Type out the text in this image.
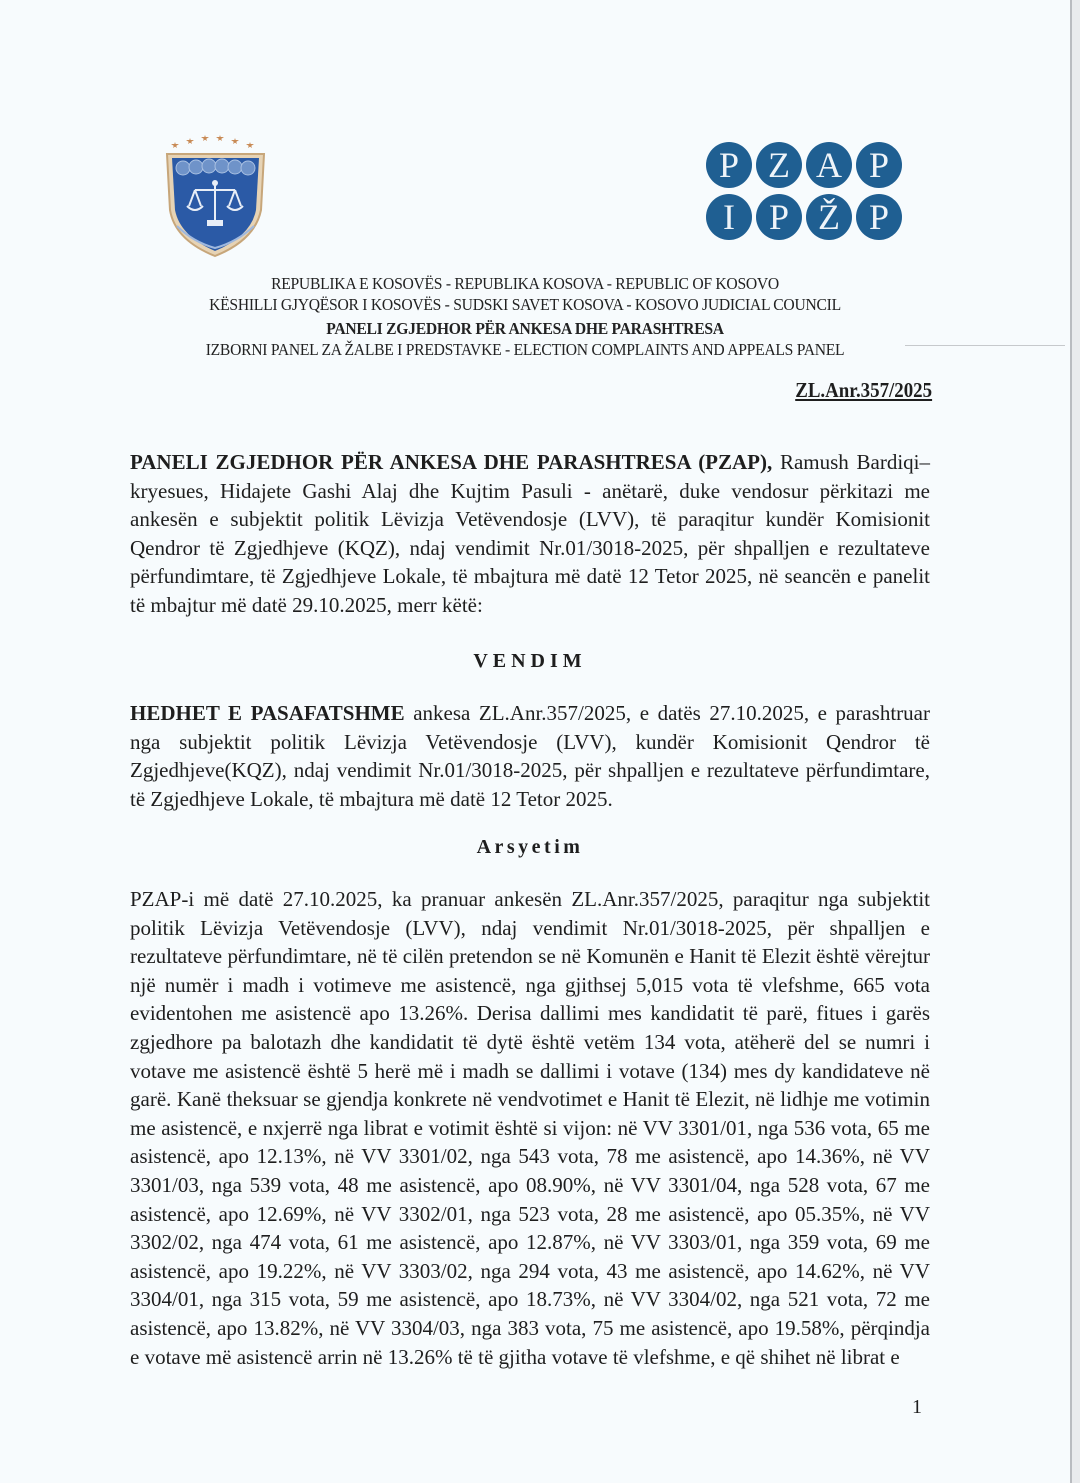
P Z A P
I P Ž P
REPUBLIKA E KOSOVËS - REPUBLIKA KOSOVA - REPUBLIC OF KOSOVO
KËSHILLI GJYQËSOR I KOSOVËS - SUDSKI SAVET KOSOVA - KOSOVO JUDICIAL COUNCIL
PANELI ZGJEDHOR PËR ANKESA DHE PARASHTRESA
IZBORNI PANEL ZA ŽALBE I PREDSTAVKE - ELECTION COMPLAINTS AND APPEALS PANEL
ZL.Anr.357/2025
PANELI ZGJEDHOR PËR ANKESA DHE PARASHTRESA (PZAP), Ramush Bardiqi–kryesues, Hidajete Gashi Alaj dhe Kujtim Pasuli - anëtarë, duke vendosur përkitazi me ankesën e subjektit politik Lëvizja Vetëvendosje (LVV), të paraqitur kundër Komisionit Qendror të Zgjedhjeve (KQZ), ndaj vendimit Nr.01/3018-2025, për shpalljen e rezultateve përfundimtare, të Zgjedhjeve Lokale, të mbajtura më datë 12 Tetor 2025, në seancën e panelit të mbajtur më datë 29.10.2025, merr këtë:
VENDIM
HEDHET E PASAFATSHME ankesa ZL.Anr.357/2025, e datës 27.10.2025, e parashtruar nga subjektit politik Lëvizja Vetëvendosje (LVV), kundër Komisionit Qendror të Zgjedhjeve(KQZ), ndaj vendimit Nr.01/3018-2025, për shpalljen e rezultateve përfundimtare, të Zgjedhjeve Lokale, të mbajtura më datë 12 Tetor 2025.
Arsyetim
PZAP-i më datë 27.10.2025, ka pranuar ankesën ZL.Anr.357/2025, paraqitur nga subjektit politik Lëvizja Vetëvendosje (LVV), ndaj vendimit Nr.01/3018-2025, për shpalljen e rezultateve përfundimtare, në të cilën pretendon se në Komunën e Hanit të Elezit është vërejtur një numër i madh i votimeve me asistencë, nga gjithsej 5,015 vota të vlefshme, 665 vota evidentohen me asistencë apo 13.26%. Derisa dallimi mes kandidatit të parë, fitues i garës zgjedhore pa balotazh dhe kandidatit të dytë është vetëm 134 vota, atëherë del se numri i votave me asistencë është 5 herë më i madh se dallimi i votave (134) mes dy kandidateve në garë. Kanë theksuar se gjendja konkrete në vendvotimet e Hanit të Elezit, në lidhje me votimin me asistencë, e nxjerrë nga librat e votimit është si vijon: në VV 3301/01, nga 536 vota, 65 me asistencë, apo 12.13%, në VV 3301/02, nga 543 vota, 78 me asistencë, apo 14.36%, në VV 3301/03, nga 539 vota, 48 me asistencë, apo 08.90%, në VV 3301/04, nga 528 vota, 67 me asistencë, apo 12.69%, në VV 3302/01, nga 523 vota, 28 me asistencë, apo 05.35%, në VV 3302/02, nga 474 vota, 61 me asistencë, apo 12.87%, në VV 3303/01, nga 359 vota, 69 me asistencë, apo 19.22%, në VV 3303/02, nga 294 vota, 43 me asistencë, apo 14.62%, në VV 3304/01, nga 315 vota, 59 me asistencë, apo 18.73%, në VV 3304/02, nga 521 vota, 72 me asistencë, apo 13.82%, në VV 3304/03, nga 383 vota, 75 me asistencë, apo 19.58%, përqindja e votave më asistencë arrin në 13.26% të të gjitha votave të vlefshme, e që shihet në librat e
1
